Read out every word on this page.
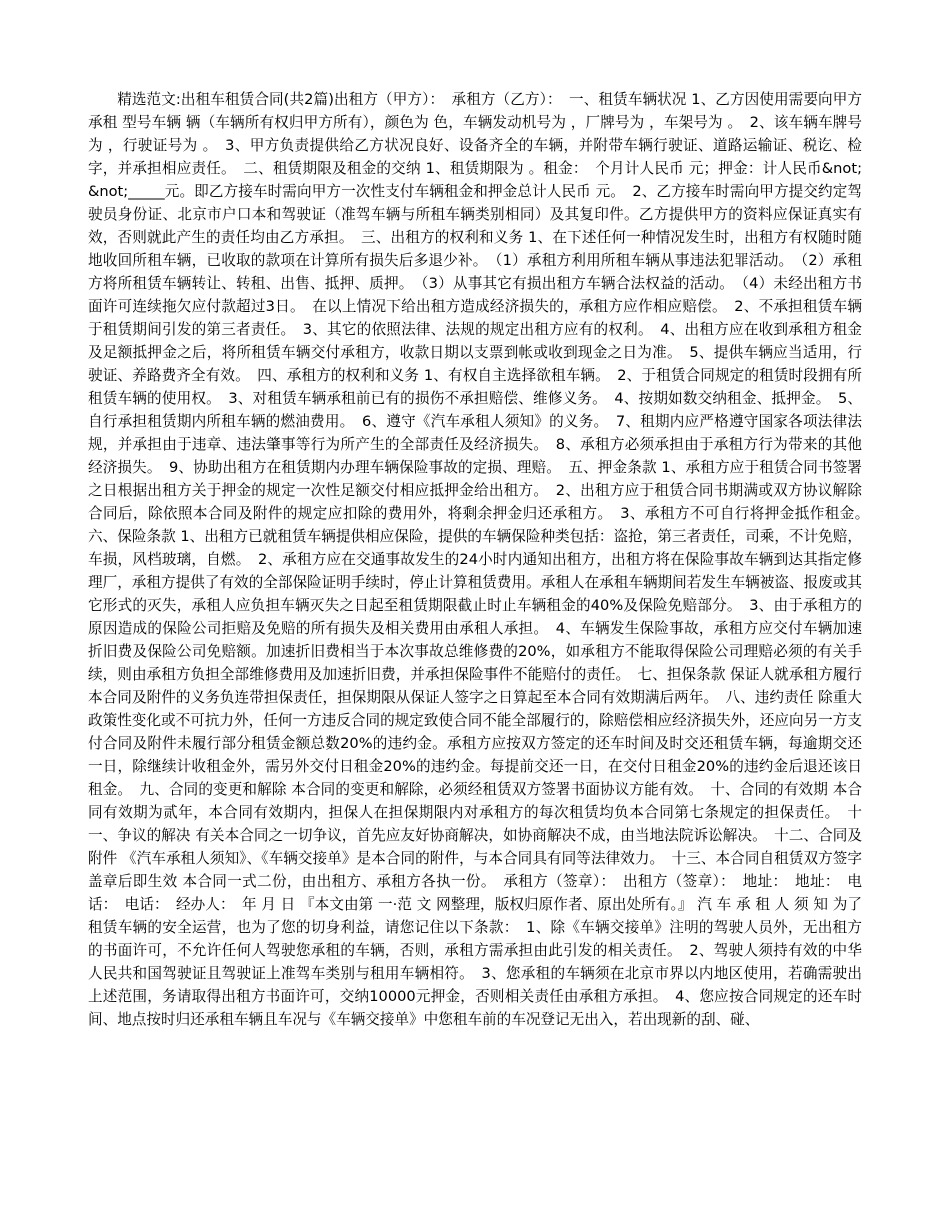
精选范文:出租车租赁合同(共2篇)出租方（甲方）：　承租方（乙方）：　一、租赁车辆状况 1、乙方因使用需要向甲方承租 型号车辆 辆（车辆所有权归甲方所有），颜色为 色，车辆发动机号为 ，厂牌号为 ，车架号为 。　2、该车辆车牌号为 ，行驶证号为 。　3、甲方负责提供给乙方状况良好、设备齐全的车辆，并附带车辆行驶证、道路运输证、税讫、检字，并承担相应责任。　二、租赁期限及租金的交纳 1、租赁期限为 。租金：　个月计人民币 元；押金：计人民币&not;&not;_____元。即乙方接车时需向甲方一次性支付车辆租金和押金总计人民币 元。　2、乙方接车时需向甲方提交约定驾驶员身份证、北京市户口本和驾驶证（准驾车辆与所租车辆类别相同）及其复印件。乙方提供甲方的资料应保证真实有效，否则就此产生的责任均由乙方承担。　三、出租方的权利和义务 1、在下述任何一种情况发生时，出租方有权随时随地收回所租车辆，已收取的款项在计算所有损失后多退少补。　（1）承租方利用所租车辆从事违法犯罪活动。　（2）承租方将所租赁车辆转让、转租、出售、抵押、质押。　（3）从事其它有损出租方车辆合法权益的活动。　（4）未经出租方书面许可连续拖欠应付款超过3日。　在以上情况下给出租方造成经济损失的，承租方应作相应赔偿。　2、不承担租赁车辆于租赁期间引发的第三者责任。　3、其它的依照法律、法规的规定出租方应有的权利。　4、出租方应在收到承租方租金及足额抵押金之后，将所租赁车辆交付承租方，收款日期以支票到帐或收到现金之日为准。　5、提供车辆应当适用，行驶证、养路费齐全有效。　四、承租方的权利和义务 1、有权自主选择欲租车辆。　2、于租赁合同规定的租赁时段拥有所租赁车辆的使用权。　3、对租赁车辆承租前已有的损伤不承担赔偿、维修义务。　4、按期如数交纳租金、抵押金。　5、自行承担租赁期内所租车辆的燃油费用。　6、遵守《汽车承租人须知》的义务。　7、租期内应严格遵守国家各项法律法规，并承担由于违章、违法肇事等行为所产生的全部责任及经济损失。　8、承租方必须承担由于承租方行为带来的其他经济损失。　9、协助出租方在租赁期内办理车辆保险事故的定损、理赔。　五、押金条款 1、承租方应于租赁合同书签署之日根据出租方关于押金的规定一次性足额交付相应抵押金给出租方。　2、出租方应于租赁合同书期满或双方协议解除合同后，除依照本合同及附件的规定应扣除的费用外，将剩余押金归还承租方。　3、承租方不可自行将押金抵作租金。　六、保险条款 1、出租方已就租赁车辆提供相应保险，提供的车辆保险种类包括：盗抢，第三者责任，司乘，不计免赔，车损，风档玻璃，自燃。　2、承租方应在交通事故发生的24小时内通知出租方，出租方将在保险事故车辆到达其指定修理厂，承租方提供了有效的全部保险证明手续时，停止计算租赁费用。承租人在承租车辆期间若发生车辆被盗、报废或其它形式的灭失，承租人应负担车辆灭失之日起至租赁期限截止时止车辆租金的40%及保险免赔部分。　3、由于承租方的原因造成的保险公司拒赔及免赔的所有损失及相关费用由承租人承担。　4、车辆发生保险事故，承租方应交付车辆加速折旧费及保险公司免赔额。加速折旧费相当于本次事故总维修费的20%，如承租方不能取得保险公司理赔必须的有关手续，则由承租方负担全部维修费用及加速折旧费，并承担保险事件不能赔付的责任。　七、担保条款 保证人就承租方履行本合同及附件的义务负连带担保责任，担保期限从保证人签字之日算起至本合同有效期满后两年。　八、违约责任 除重大政策性变化或不可抗力外，任何一方违反合同的规定致使合同不能全部履行的，除赔偿相应经济损失外，还应向另一方支付合同及附件未履行部分租赁金额总数20%的违约金。承租方应按双方签定的还车时间及时交还租赁车辆，每逾期交还一日，除继续计收租金外，需另外交付日租金20%的违约金。每提前交还一日，在交付日租金20%的违约金后退还该日租金。　九、合同的变更和解除 本合同的变更和解除，必须经租赁双方签署书面协议方能有效。　十、合同的有效期 本合同有效期为贰年，本合同有效期内，担保人在担保期限内对承租方的每次租赁均负本合同第七条规定的担保责任。　十一、争议的解决 有关本合同之一切争议，首先应友好协商解决，如协商解决不成，由当地法院诉讼解决。　十二、合同及附件 《汽车承租人须知》、《车辆交接单》是本合同的附件，与本合同具有同等法律效力。　十三、本合同自租赁双方签字盖章后即生效 本合同一式二份，由出租方、承租方各执一份。　承租方（签章）：　出租方（签章）：　地址：　地址：　电话：　电话：　经办人：　年 月 日 『本文由第 一·范 文 网整理，版权归原作者、原出处所有。』 汽 车 承 租 人 须 知 为了租赁车辆的安全运营，也为了您的切身利益，请您记住以下条款：　1、除《车辆交接单》注明的驾驶人员外，无出租方的书面许可，不允许任何人驾驶您承租的车辆，否则，承租方需承担由此引发的相关责任。　2、驾驶人须持有效的中华人民共和国驾驶证且驾驶证上准驾车类别与租用车辆相符。　3、您承租的车辆须在北京市界以内地区使用，若确需驶出上述范围，务请取得出租方书面许可，交纳10000元押金，否则相关责任由承租方承担。　4、您应按合同规定的还车时间、地点按时归还承租车辆且车况与《车辆交接单》中您租车前的车况登记无出入，若出现新的刮、碰、
